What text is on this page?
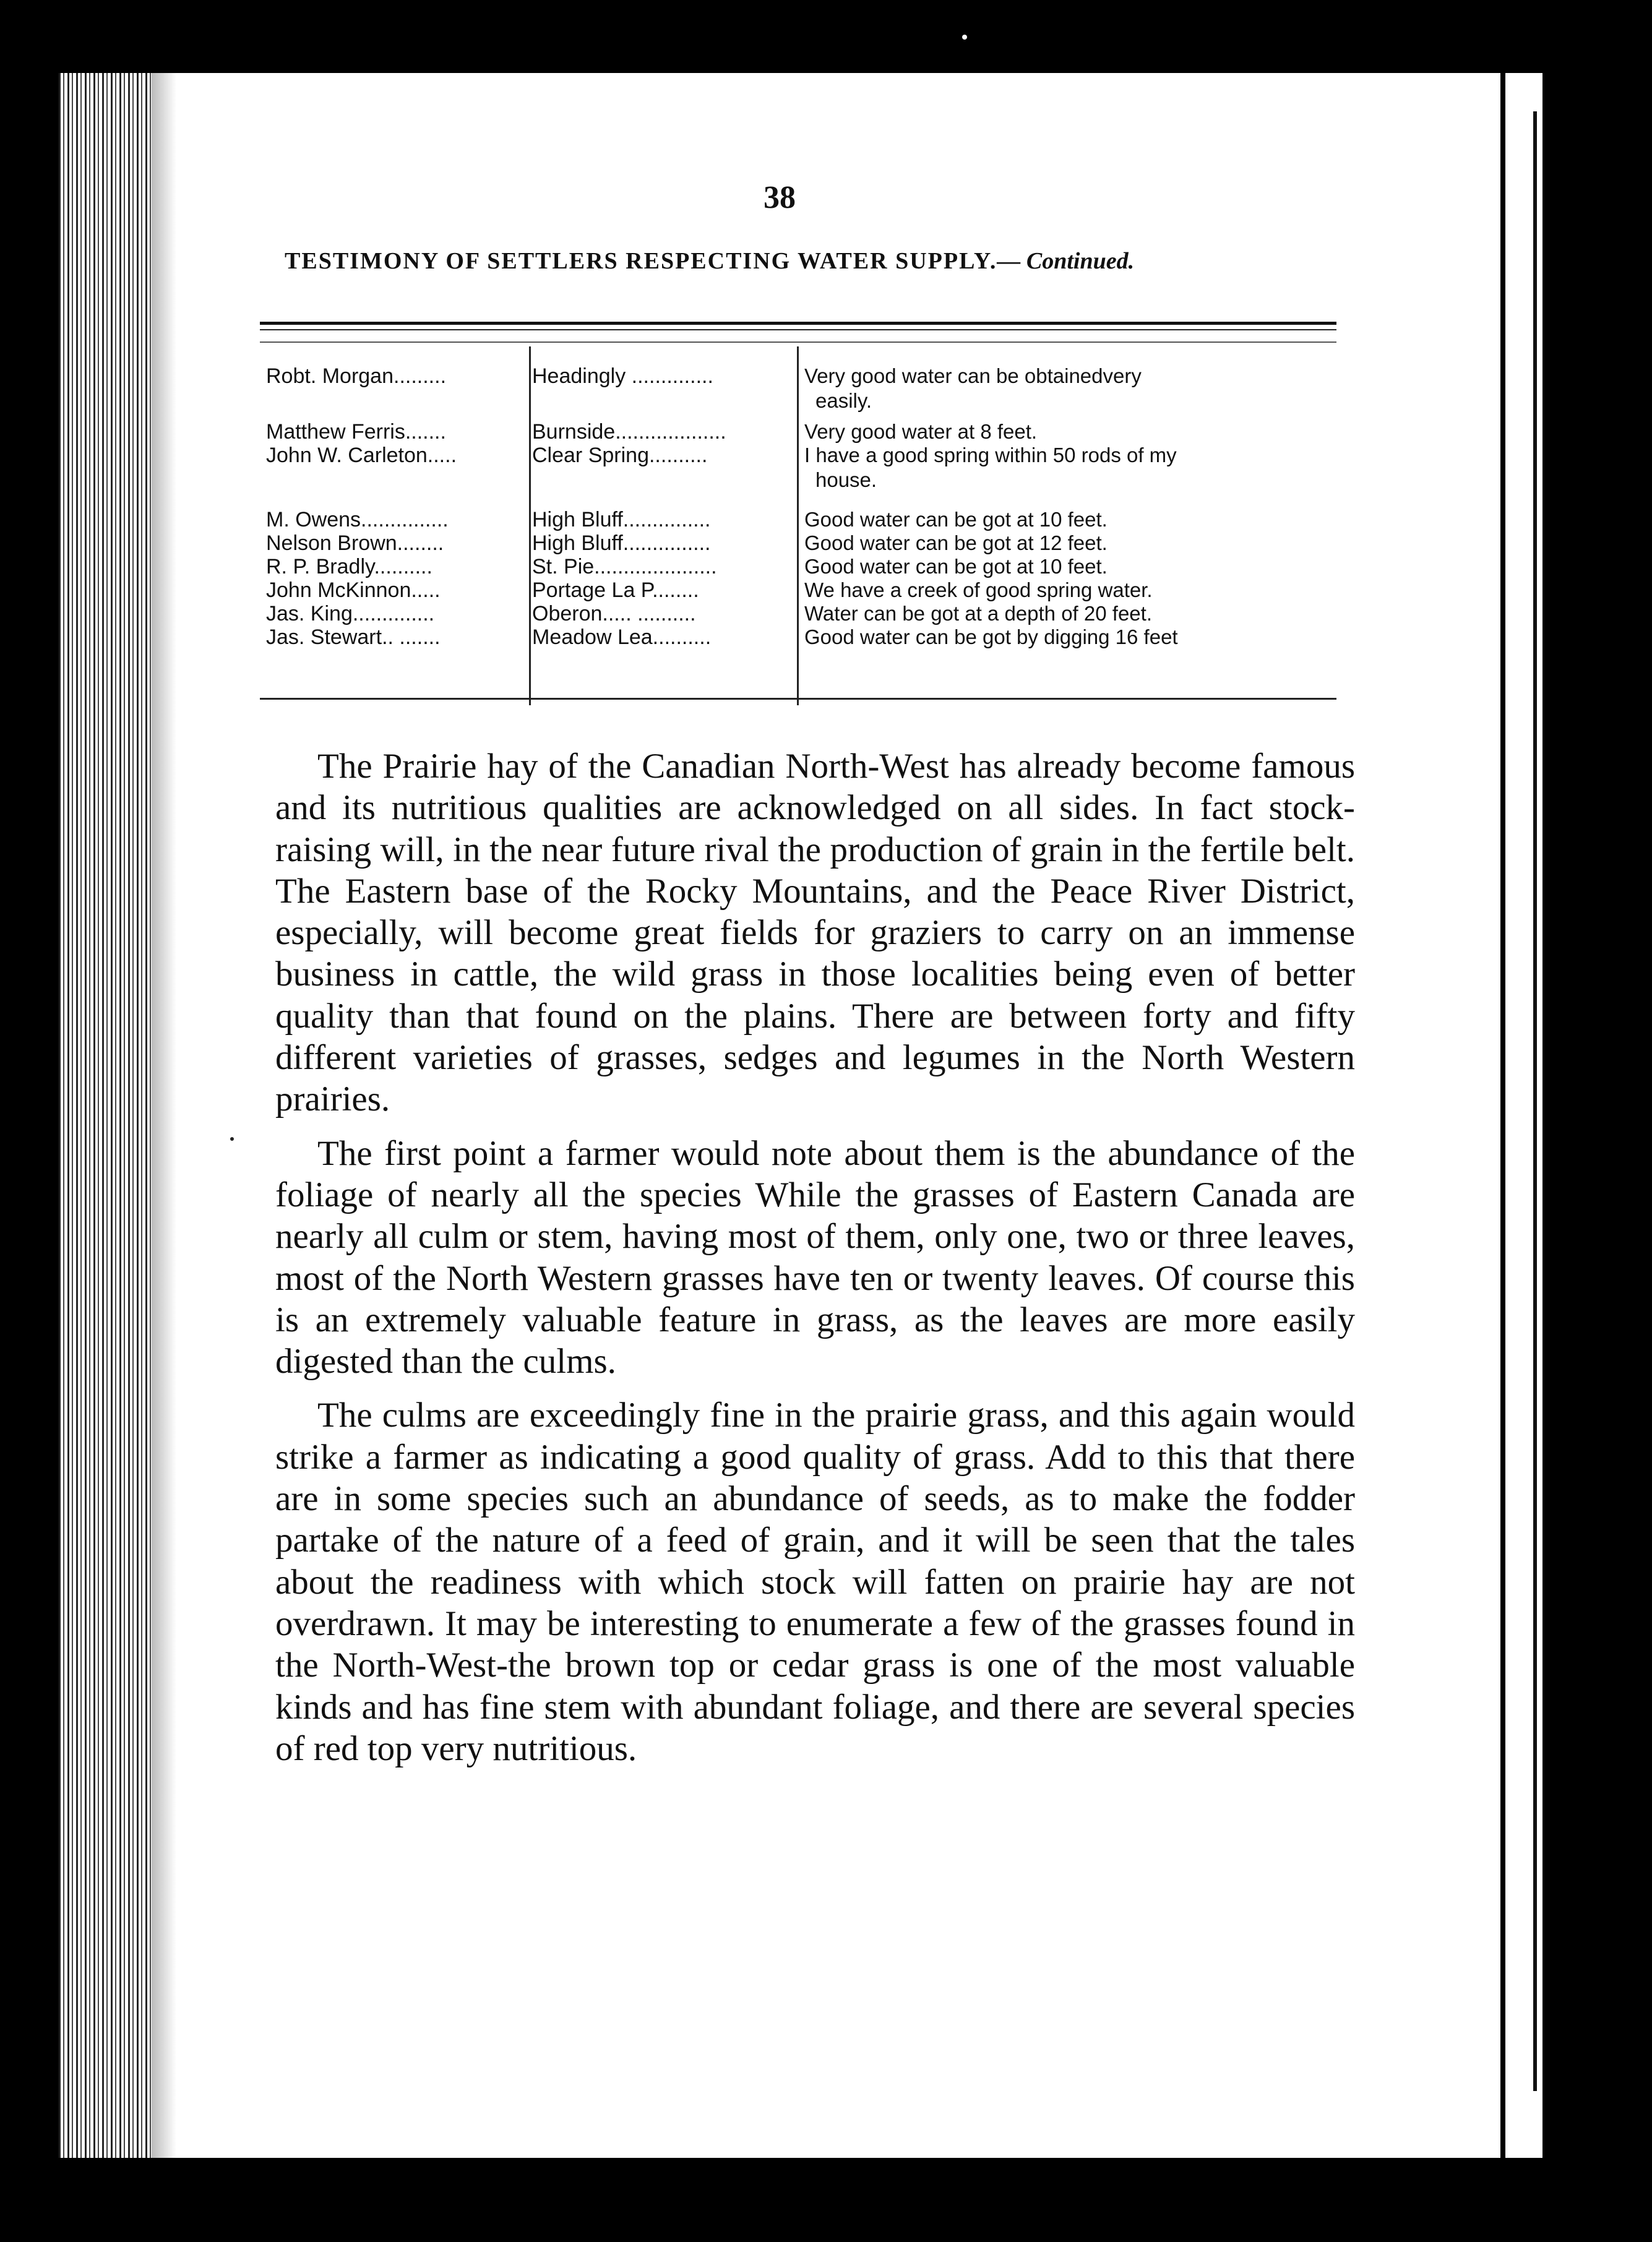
38
TESTIMONY OF SETTLERS RESPECTING WATER SUPPLY.— Continued.
Robt. Morgan.........	Headingly ..............	Very good water can be obtainedvery
easily.
Matthew Ferris.......	Burnside...................	Very good water at 8 feet.
John W. Carleton.....	Clear Spring..........	I have a good spring within 50 rods of my
house.
M. Owens...............	High Bluff...............	Good water can be got at 10 feet.
Nelson Brown........	High Bluff...............	Good water can be got at 12 feet.
R. P. Bradly..........	St. Pie.....................	Good water can be got at 10 feet.
John McKinnon.....	Portage La P........	We have a creek of good spring water.
Jas. King..............	Oberon..... ..........	Water can be got at a depth of 20 feet.
Jas. Stewart.. .......	Meadow Lea..........	Good water can be got by digging 16 feet

The Prairie hay of the Canadian North-West has already become famous and its nutritious qualities are acknowledged on all sides. In fact stock-raising will, in the near future rival the production of grain in the fertile belt. The Eastern base of the Rocky Mountains, and the Peace River District, especially, will become great fields for graziers to carry on an immense business in cattle, the wild grass in those localities being even of better quality than that found on the plains. There are between forty and fifty different varieties of grasses, sedges and legumes in the North Western prairies.

The first point a farmer would note about them is the abundance of the foliage of nearly all the species While the grasses of Eastern Canada are nearly all culm or stem, having most of them, only one, two or three leaves, most of the North Western grasses have ten or twenty leaves. Of course this is an extremely valuable feature in grass, as the leaves are more easily digested than the culms.

The culms are exceedingly fine in the prairie grass, and this again would strike a farmer as indicating a good quality of grass. Add to this that there are in some species such an abundance of seeds, as to make the fodder partake of the nature of a feed of grain, and it will be seen that the tales about the readiness with which stock will fatten on prairie hay are not overdrawn. It may be interesting to enumerate a few of the grasses found in the North-West-the brown top or cedar grass is one of the most valuable kinds and has fine stem with abundant foliage, and there are several species of red top very nutritious.
